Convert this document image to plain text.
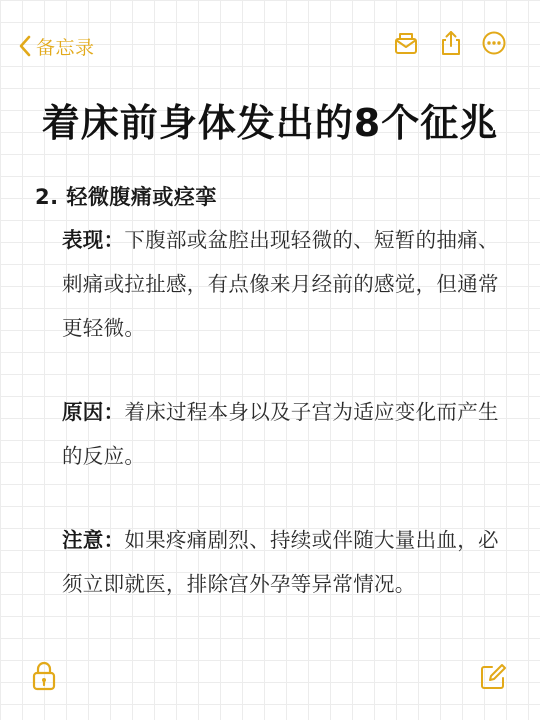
备忘录
着床前身体发出的8个征兆
2. 轻微腹痛或痉挛
表现：下腹部或盆腔出现轻微的、短暂的抽痛、刺痛或拉扯感，有点像来月经前的感觉，但通常更轻微。
原因：着床过程本身以及子宫为适应变化而产生的反应。
注意：如果疼痛剧烈、持续或伴随大量出血，必须立即就医，排除宫外孕等异常情况。
